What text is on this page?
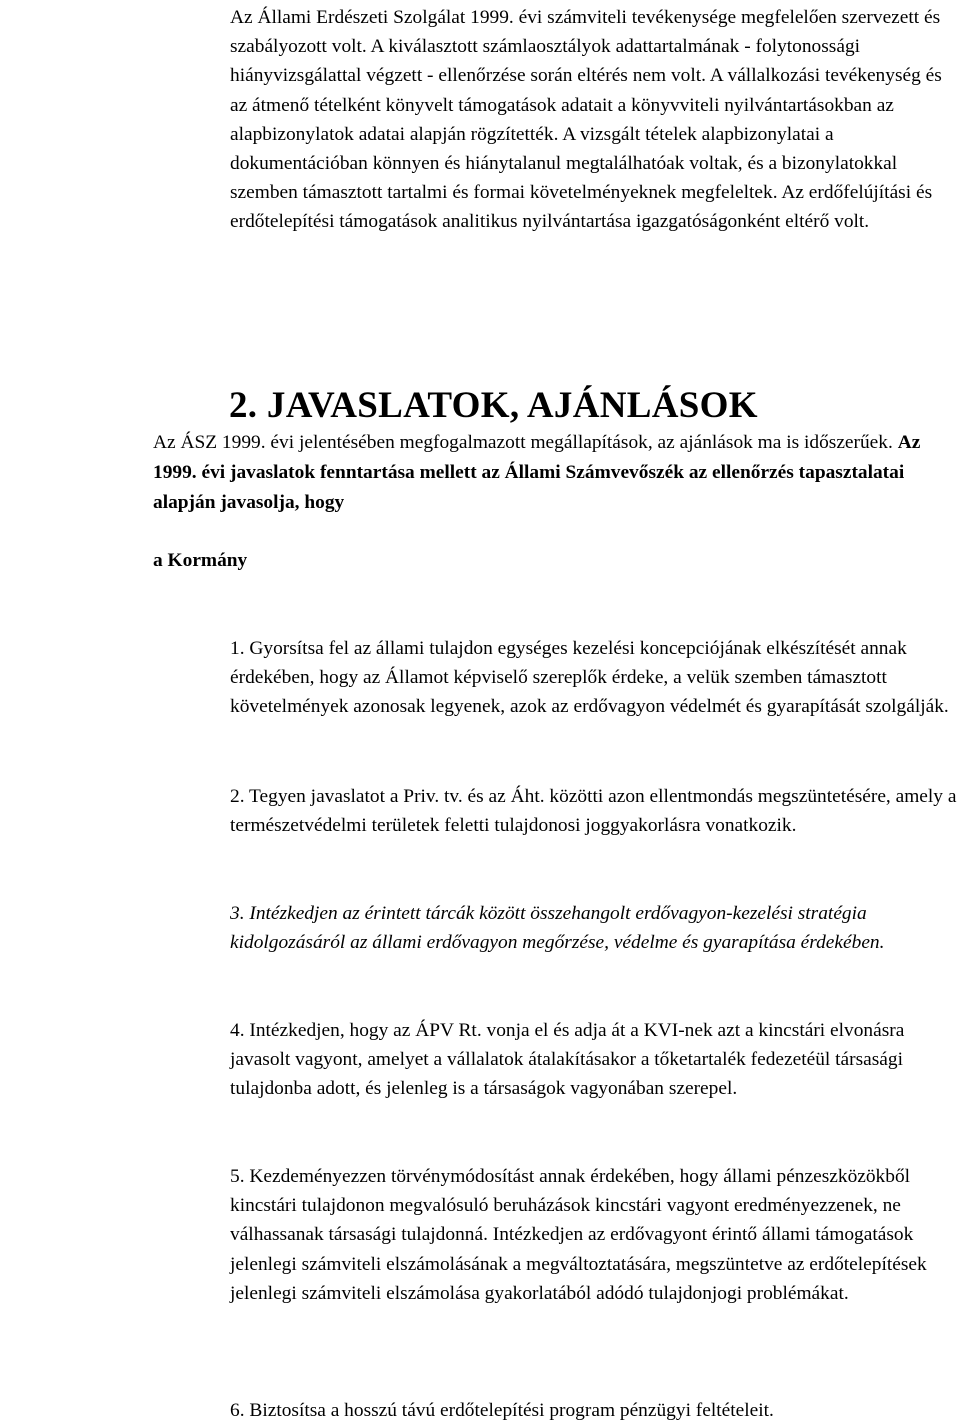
Az Állami Erdészeti Szolgálat 1999. évi számviteli tevékenysége megfelelően szervezett és szabályozott volt. A kiválasztott számlaosztályok adattartalmának - folytonossági hiányvizsgálattal végzett - ellenőrzése során eltérés nem volt. A vállalkozási tevékenység és az átmenő tételként könyvelt támogatások adatait a könyvviteli nyilvántartásokban az alapbizonylatok adatai alapján rögzítették. A vizsgált tételek alapbizonylatai a dokumentációban könnyen és hiánytalanul megtalálhatóak voltak, és a bizonylatokkal szemben támasztott tartalmi és formai követelményeknek megfeleltek. Az erdőfelújítási és erdőtelepítési támogatások analitikus nyilvántartása igazgatóságonként eltérő volt.

2. JAVASLATOK, AJÁNLÁSOK

Az ÁSZ 1999. évi jelentésében megfogalmazott megállapítások, az ajánlások ma is időszerűek. Az 1999. évi javaslatok fenntartása mellett az Állami Számvevőszék az ellenőrzés tapasztalatai alapján javasolja, hogy

a Kormány

1. Gyorsítsa fel az állami tulajdon egységes kezelési koncepciójának elkészítését annak érdekében, hogy az Államot képviselő szereplők érdeke, a velük szemben támasztott követelmények azonosak legyenek, azok az erdővagyon védelmét és gyarapítását szolgálják.

2. Tegyen javaslatot a Priv. tv. és az Áht. közötti azon ellentmondás megszüntetésére, amely a természetvédelmi területek feletti tulajdonosi joggyakorlásra vonatkozik.

3. Intézkedjen az érintett tárcák között összehangolt erdővagyon-kezelési stratégia kidolgozásáról az állami erdővagyon megőrzése, védelme és gyarapítása érdekében.

4. Intézkedjen, hogy az ÁPV Rt. vonja el és adja át a KVI-nek azt a kincstári elvonásra javasolt vagyont, amelyet a vállalatok átalakításakor a tőketartalék fedezetéül társasági tulajdonba adott, és jelenleg is a társaságok vagyonában szerepel.

5. Kezdeményezzen törvénymódosítást annak érdekében, hogy állami pénzeszközökből kincstári tulajdonon megvalósuló beruházások kincstári vagyont eredményezzenek, ne válhassanak társasági tulajdonná. Intézkedjen az erdővagyont érintő állami támogatások jelenlegi számviteli elszámolásának a megváltoztatására, megszüntetve az erdőtelepítések jelenlegi számviteli elszámolása gyakorlatából adódó tulajdonjogi problémákat.

6. Biztosítsa a hosszú távú erdőtelepítési program pénzügyi feltételeit.
